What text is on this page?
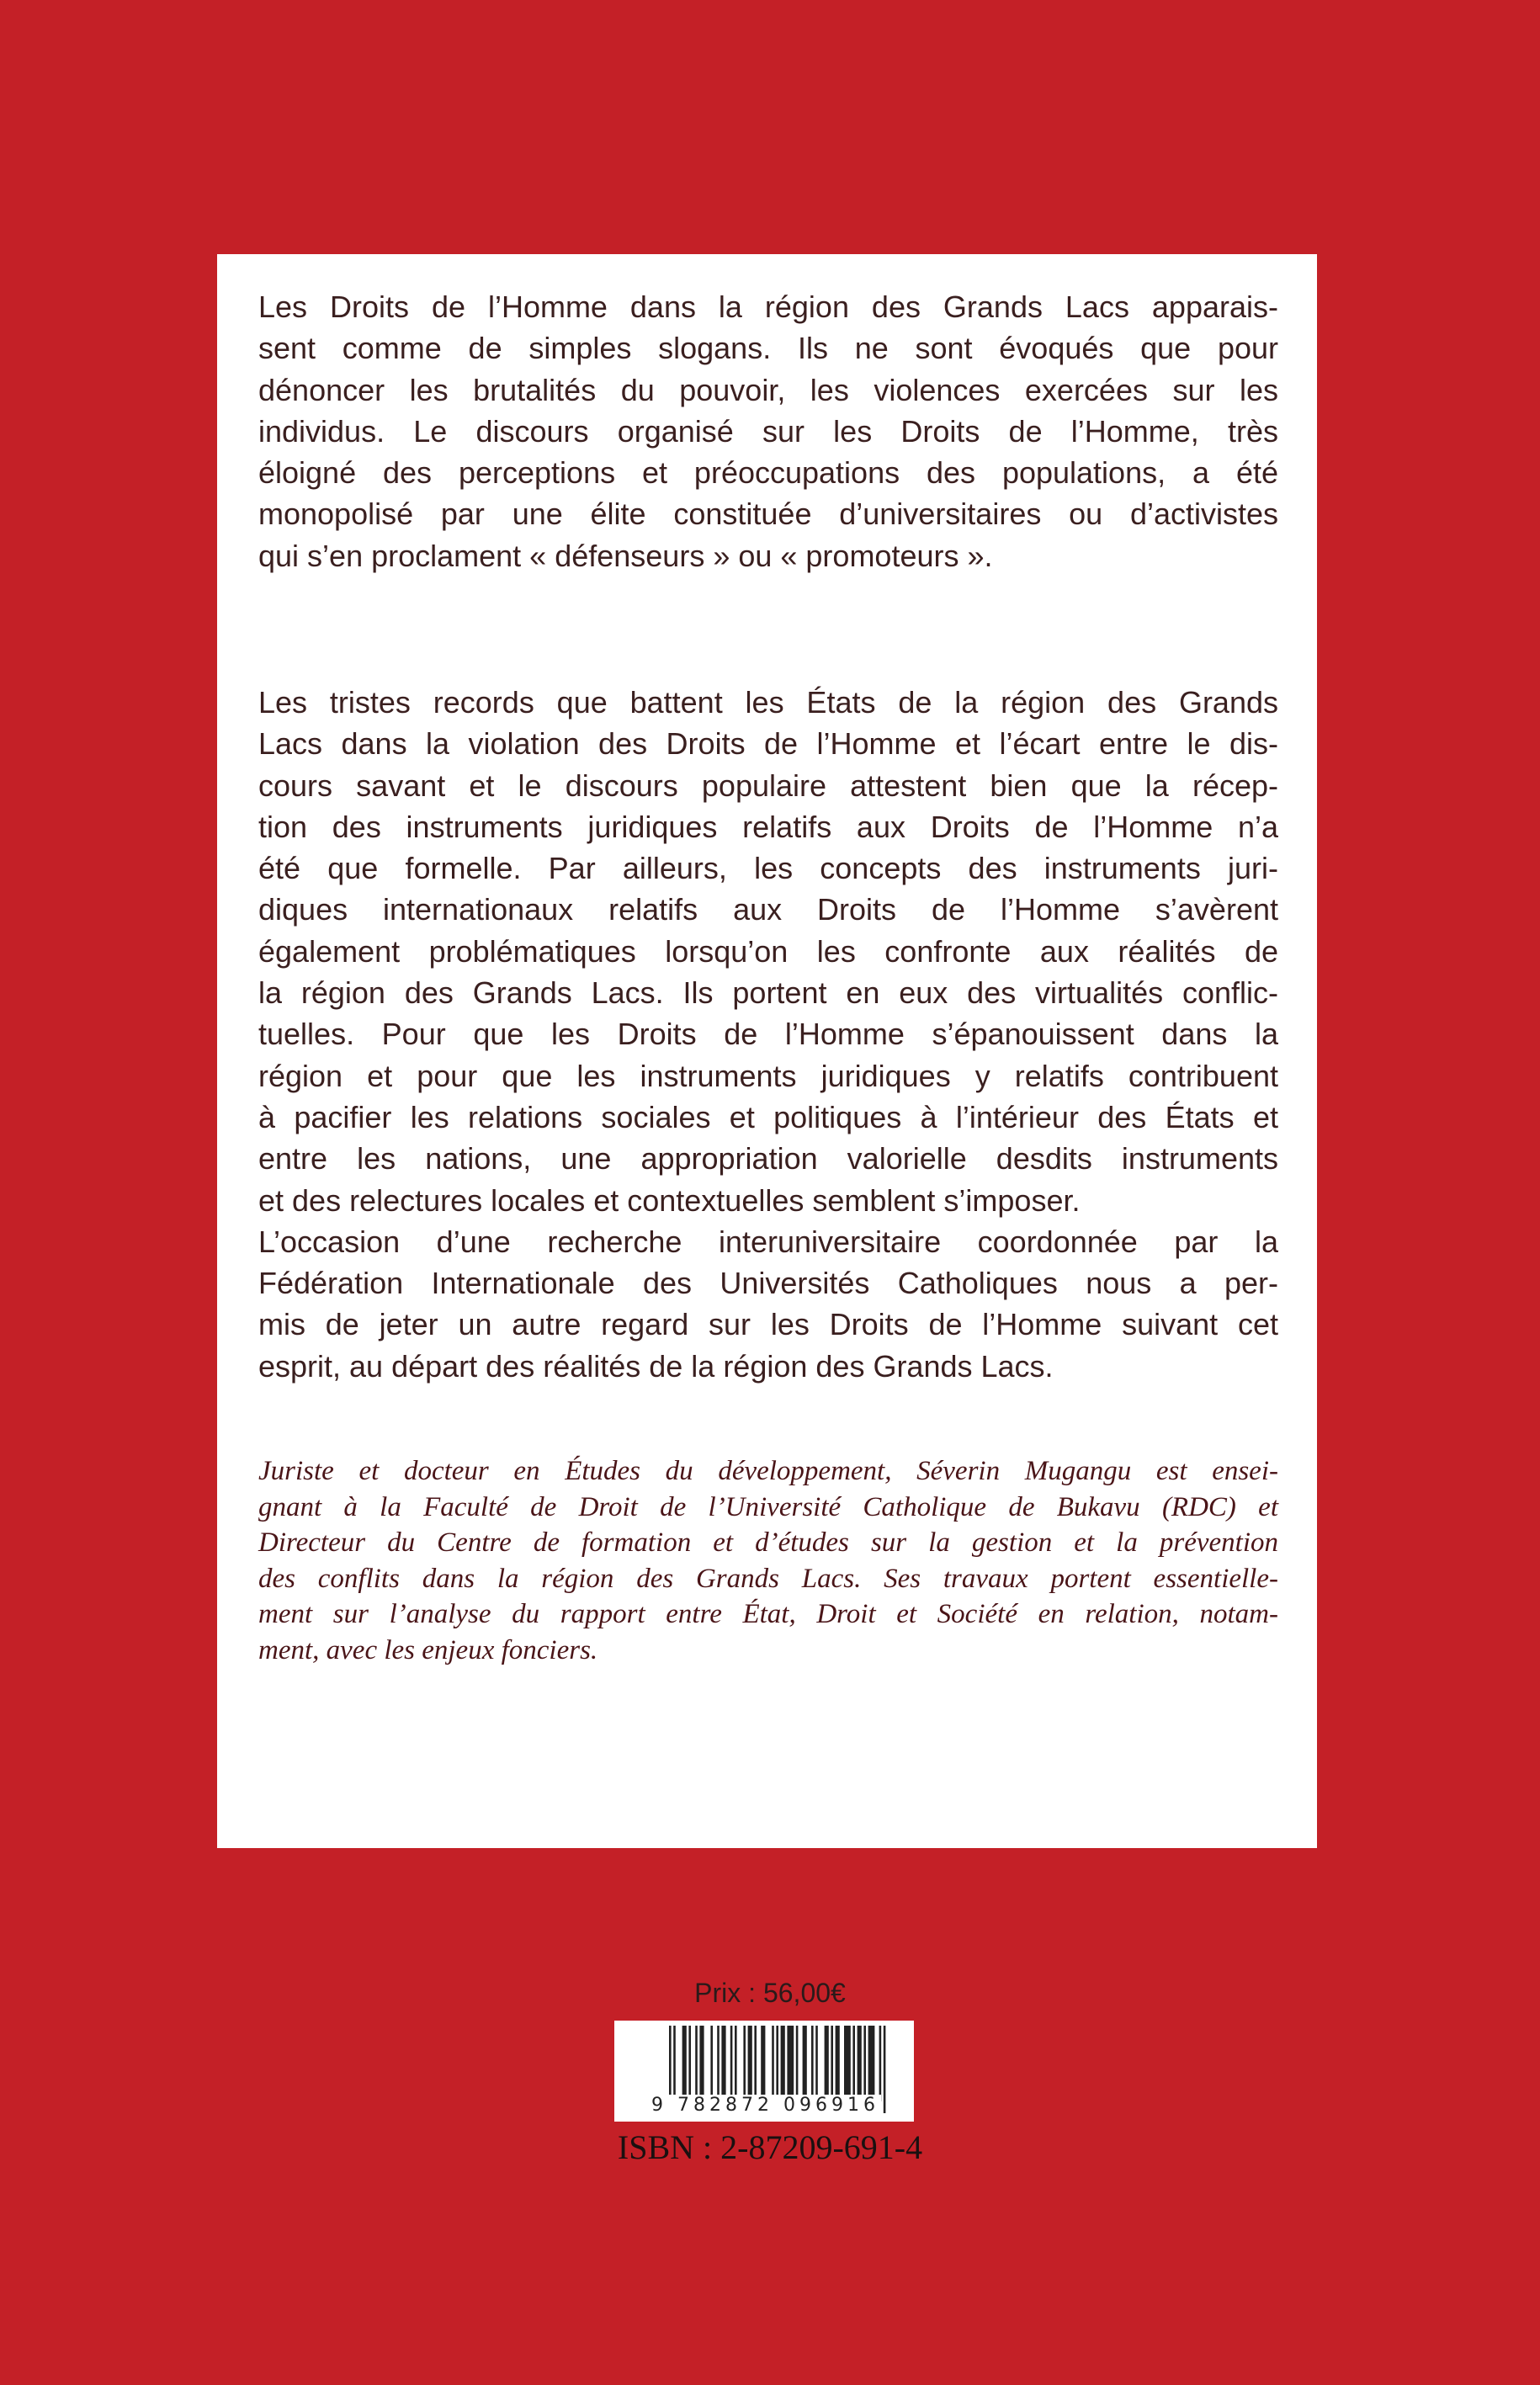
Les Droits de l’Homme dans la région des Grands Lacs apparais-
sent comme de simples slogans. Ils ne sont évoqués que pour
dénoncer les brutalités du pouvoir, les violences exercées sur les
individus. Le discours organisé sur les Droits de l’Homme, très
éloigné des perceptions et préoccupations des populations, a été
monopolisé par une élite constituée d’universitaires ou d’activistes
qui s’en proclament « défenseurs » ou « promoteurs ».
Les tristes records que battent les États de la région des Grands
Lacs dans la violation des Droits de l’Homme et l’écart entre le dis-
cours savant et le discours populaire attestent bien que la récep-
tion des instruments juridiques relatifs aux Droits de l’Homme n’a
été que formelle. Par ailleurs, les concepts des instruments juri-
diques internationaux relatifs aux Droits de l’Homme s’avèrent
également problématiques lorsqu’on les confronte aux réalités de
la région des Grands Lacs. Ils portent en eux des virtualités conflic-
tuelles. Pour que les Droits de l’Homme s’épanouissent dans la
région et pour que les instruments juridiques y relatifs contribuent
à pacifier les relations sociales et politiques à l’intérieur des États et
entre les nations, une appropriation valorielle desdits instruments
et des relectures locales et contextuelles semblent s’imposer.
L’occasion d’une recherche interuniversitaire coordonnée par la
Fédération Internationale des Universités Catholiques nous a per-
mis de jeter un autre regard sur les Droits de l’Homme suivant cet
esprit, au départ des réalités de la région des Grands Lacs.
Juriste et docteur en Études du développement, Séverin Mugangu est ensei-
gnant à la Faculté de Droit de l’Université Catholique de Bukavu (RDC) et
Directeur du Centre de formation et d’études sur la gestion et la prévention
des conflits dans la région des Grands Lacs. Ses travaux portent essentielle-
ment sur l’analyse du rapport entre État, Droit et Société en relation, notam-
ment, avec les enjeux fonciers.
Prix : 56,00€
9 782872 096916
ISBN : 2-87209-691-4
